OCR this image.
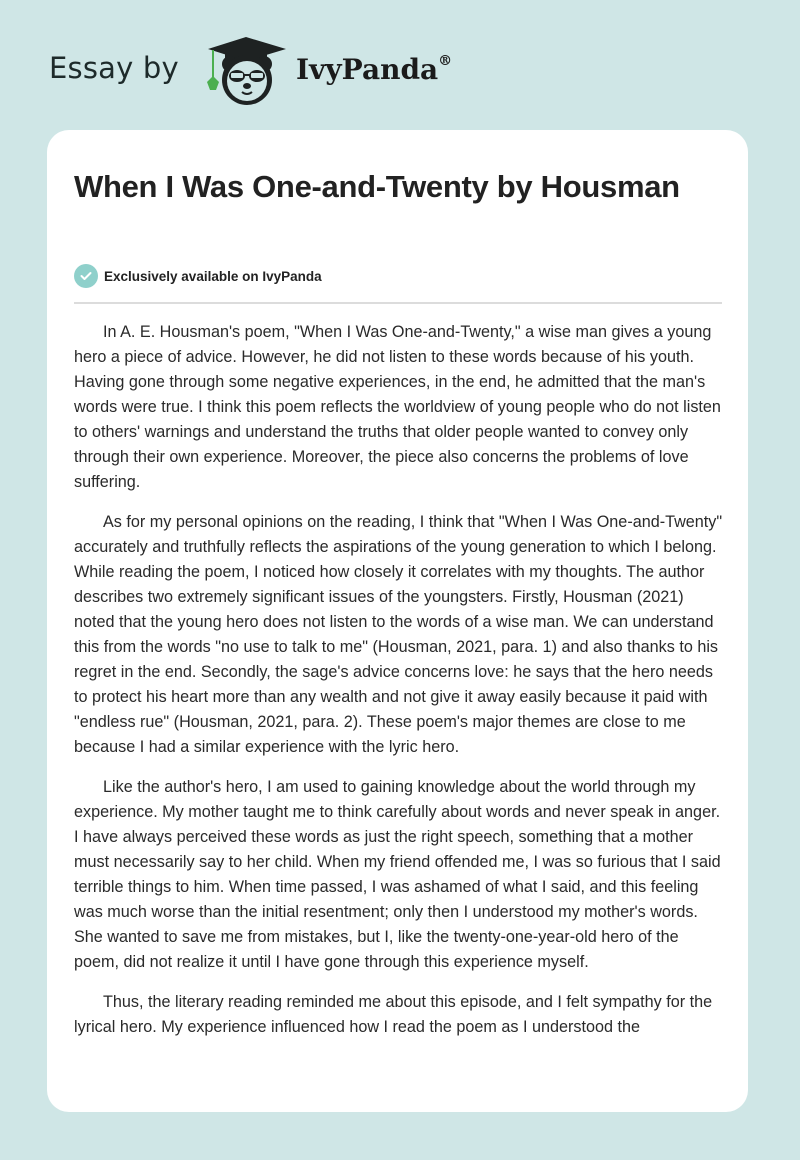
Essay by	IvyPanda®
When I Was One-and-Twenty by Housman
Exclusively available on IvyPanda

In A. E. Housman's poem, "When I Was One-and-Twenty," a wise man gives a young hero a piece of advice. However, he did not listen to these words because of his youth. Having gone through some negative experiences, in the end, he admitted that the man's words were true. I think this poem reflects the worldview of young people who do not listen to others' warnings and understand the truths that older people wanted to convey only through their own experience. Moreover, the piece also concerns the problems of love suffering.

As for my personal opinions on the reading, I think that "When I Was One-and-Twenty" accurately and truthfully reflects the aspirations of the young generation to which I belong. While reading the poem, I noticed how closely it correlates with my thoughts. The author describes two extremely significant issues of the youngsters. Firstly, Housman (2021) noted that the young hero does not listen to the words of a wise man. We can understand this from the words "no use to talk to me" (Housman, 2021, para. 1) and also thanks to his regret in the end. Secondly, the sage's advice concerns love: he says that the hero needs to protect his heart more than any wealth and not give it away easily because it paid with "endless rue" (Housman, 2021, para. 2). These poem's major themes are close to me because I had a similar experience with the lyric hero.

Like the author's hero, I am used to gaining knowledge about the world through my experience. My mother taught me to think carefully about words and never speak in anger. I have always perceived these words as just the right speech, something that a mother must necessarily say to her child. When my friend offended me, I was so furious that I said terrible things to him. When time passed, I was ashamed of what I said, and this feeling was much worse than the initial resentment; only then I understood my mother's words. She wanted to save me from mistakes, but I, like the twenty-one-year-old hero of the poem, did not realize it until I have gone through this experience myself.

Thus, the literary reading reminded me about this episode, and I felt sympathy for the lyrical hero. My experience influenced how I read the poem as I understood the
